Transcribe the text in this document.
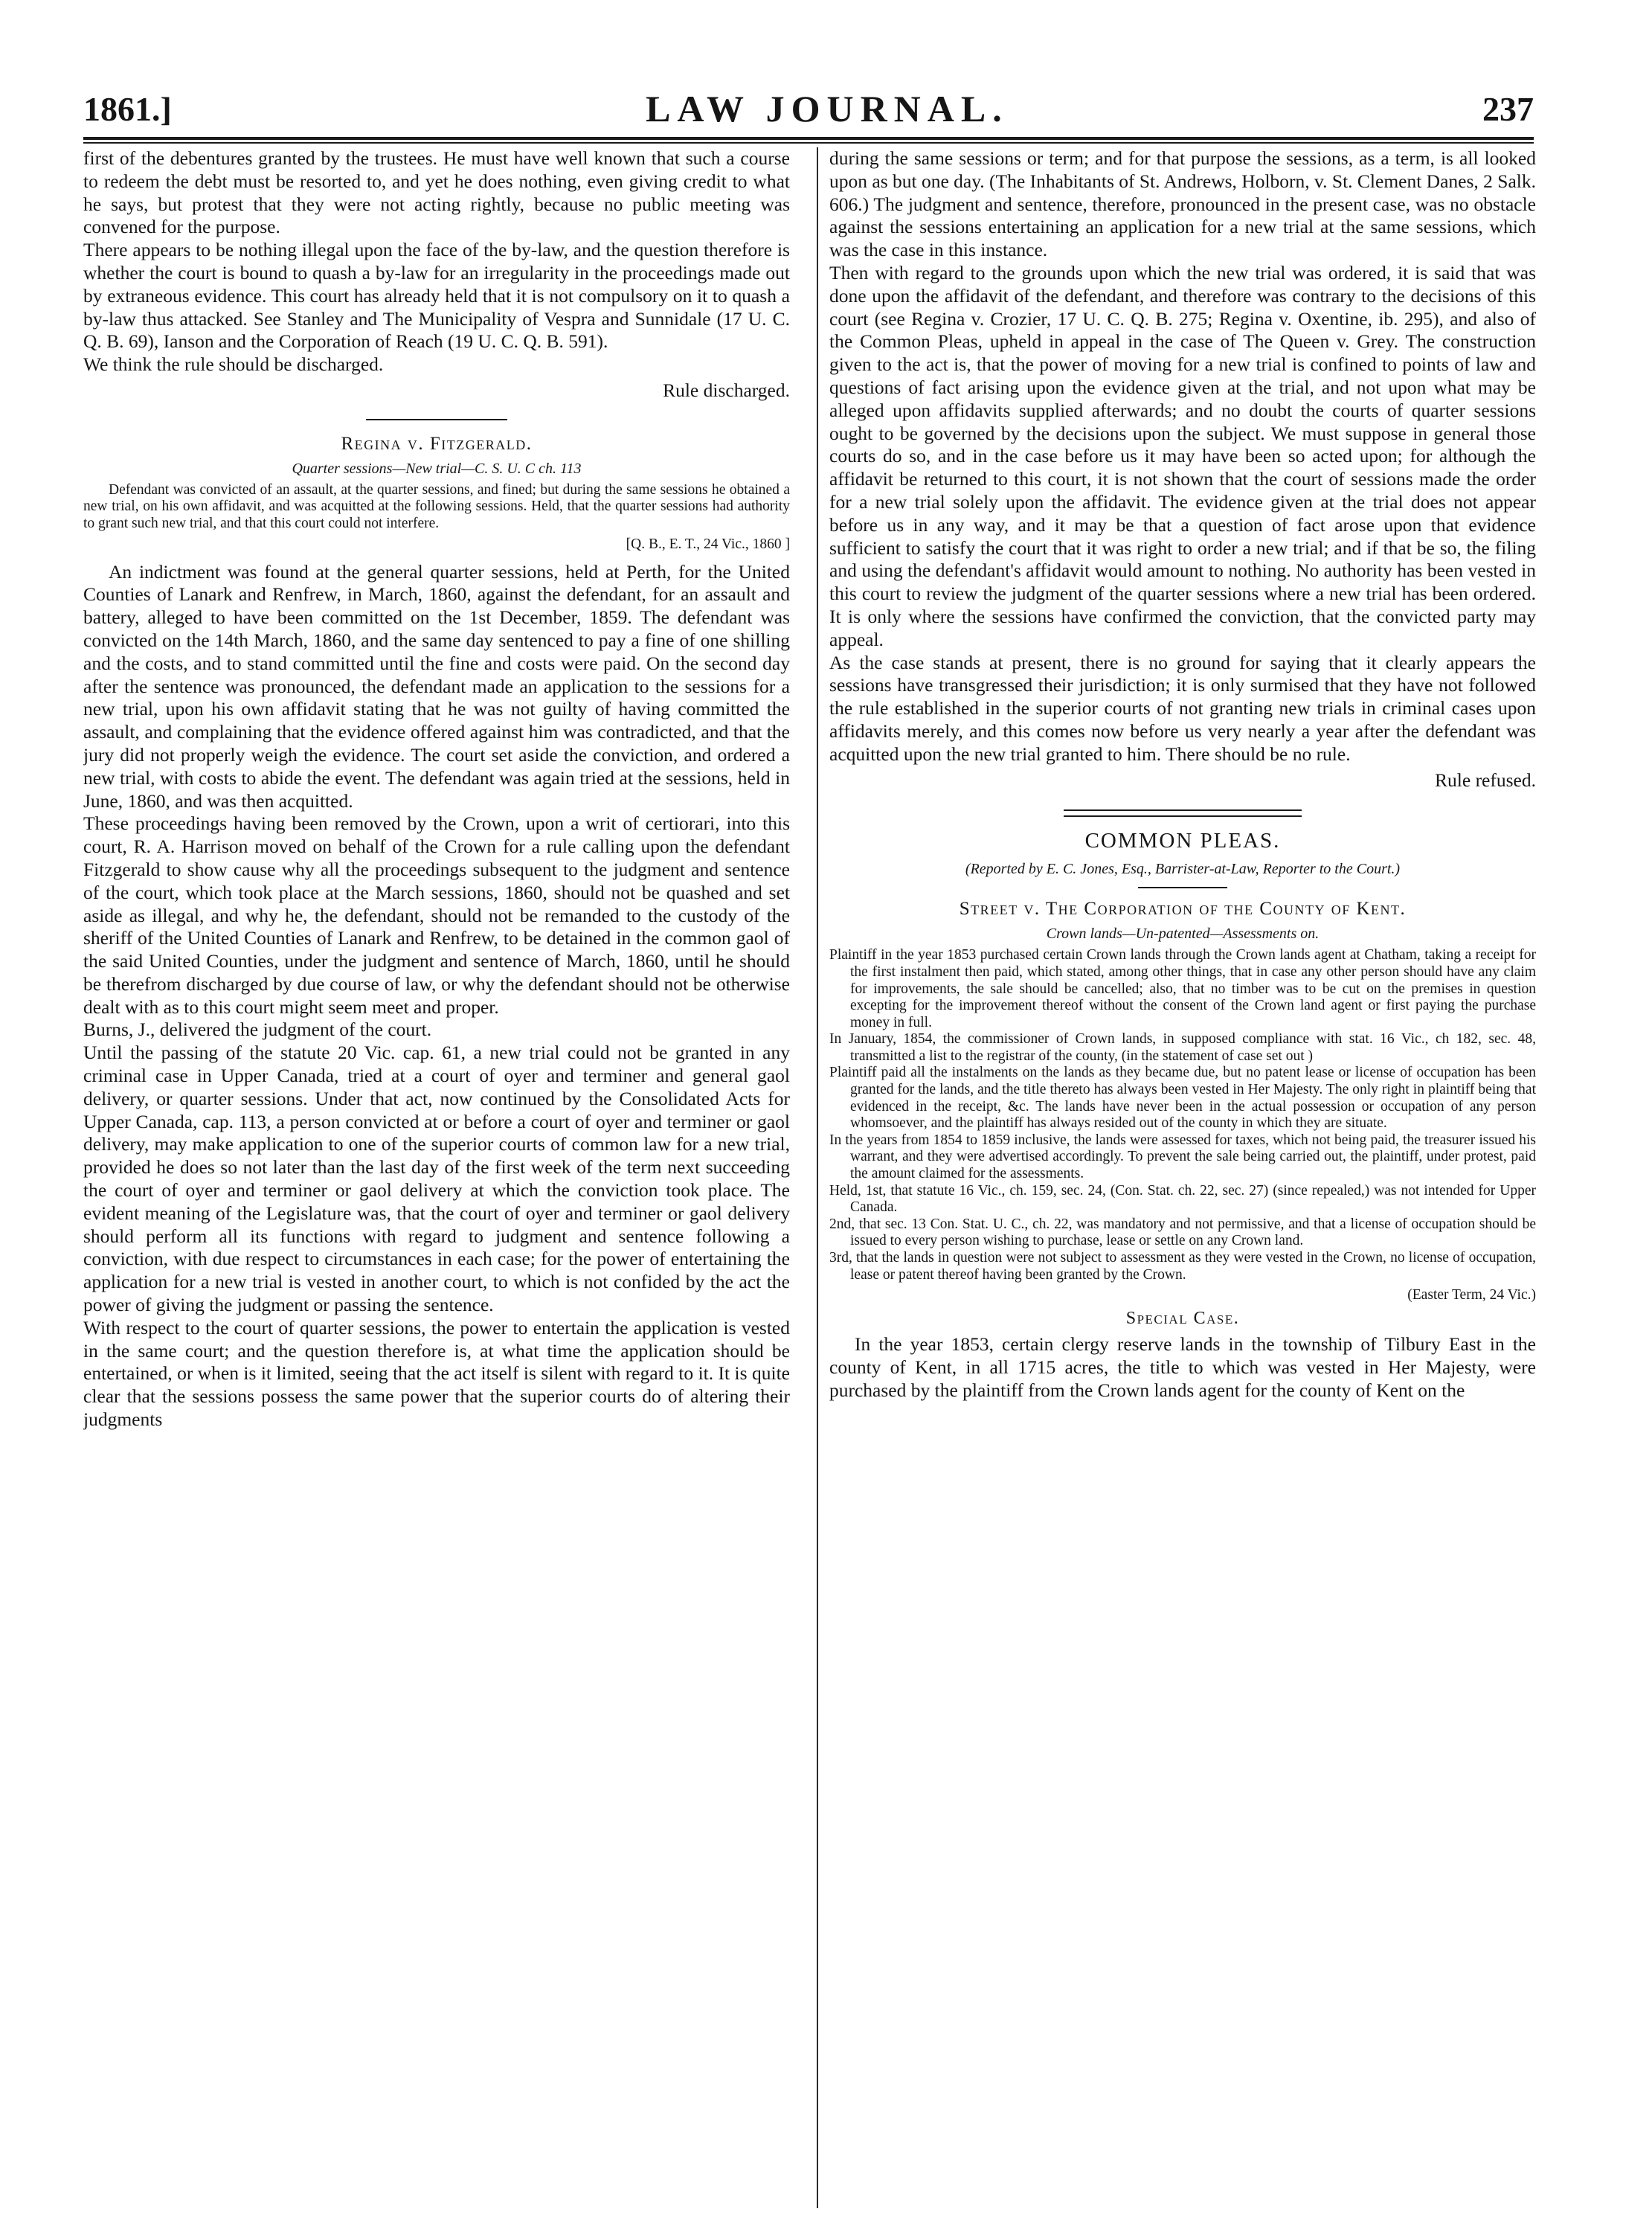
1861.]	LAW JOURNAL.	237

first of the debentures granted by the trustees. He must have well known that such a course to redeem the debt must be resorted to, and yet he does nothing, even giving credit to what he says, but protest that they were not acting rightly, because no public meeting was convened for the purpose.

There appears to be nothing illegal upon the face of the by-law, and the question therefore is whether the court is bound to quash a by-law for an irregularity in the proceedings made out by extraneous evidence. This court has already held that it is not compulsory on it to quash a by-law thus attacked. See Stanley and The Municipality of Vespra and Sunnidale (17 U. C. Q. B. 69), Ianson and the Corporation of Reach (19 U. C. Q. B. 591).

We think the rule should be discharged.

Rule discharged.

Regina v. Fitzgerald.
Quarter sessions—New trial—C. S. U. C ch. 113

Defendant was convicted of an assault, at the quarter sessions, and fined; but during the same sessions he obtained a new trial, on his own affidavit, and was acquitted at the following sessions. Held, that the quarter sessions had authority to grant such new trial, and that this court could not interfere.

[Q. B., E. T., 24 Vic., 1860 ]

An indictment was found at the general quarter sessions, held at Perth, for the United Counties of Lanark and Renfrew, in March, 1860, against the defendant, for an assault and battery, alleged to have been committed on the 1st December, 1859. The defendant was convicted on the 14th March, 1860, and the same day sentenced to pay a fine of one shilling and the costs, and to stand committed until the fine and costs were paid. On the second day after the sentence was pronounced, the defendant made an application to the sessions for a new trial, upon his own affidavit stating that he was not guilty of having committed the assault, and complaining that the evidence offered against him was contradicted, and that the jury did not properly weigh the evidence. The court set aside the conviction, and ordered a new trial, with costs to abide the event. The defendant was again tried at the sessions, held in June, 1860, and was then acquitted.

These proceedings having been removed by the Crown, upon a writ of certiorari, into this court, R. A. Harrison moved on behalf of the Crown for a rule calling upon the defendant Fitzgerald to show cause why all the proceedings subsequent to the judgment and sentence of the court, which took place at the March sessions, 1860, should not be quashed and set aside as illegal, and why he, the defendant, should not be remanded to the custody of the sheriff of the United Counties of Lanark and Renfrew, to be detained in the common gaol of the said United Counties, under the judgment and sentence of March, 1860, until he should be therefrom discharged by due course of law, or why the defendant should not be otherwise dealt with as to this court might seem meet and proper.

Burns, J., delivered the judgment of the court.

Until the passing of the statute 20 Vic. cap. 61, a new trial could not be granted in any criminal case in Upper Canada, tried at a court of oyer and terminer and general gaol delivery, or quarter sessions. Under that act, now continued by the Consolidated Acts for Upper Canada, cap. 113, a person convicted at or before a court of oyer and terminer or gaol delivery, may make application to one of the superior courts of common law for a new trial, provided he does so not later than the last day of the first week of the term next succeeding the court of oyer and terminer or gaol delivery at which the conviction took place. The evident meaning of the Legislature was, that the court of oyer and terminer or gaol delivery should perform all its functions with regard to judgment and sentence following a conviction, with due respect to circumstances in each case; for the power of entertaining the application for a new trial is vested in another court, to which is not confided by the act the power of giving the judgment or passing the sentence.

With respect to the court of quarter sessions, the power to entertain the application is vested in the same court; and the question therefore is, at what time the application should be entertained, or when is it limited, seeing that the act itself is silent with regard to it. It is quite clear that the sessions possess the same power that the superior courts do of altering their judgments

during the same sessions or term; and for that purpose the sessions, as a term, is all looked upon as but one day. (The Inhabitants of St. Andrews, Holborn, v. St. Clement Danes, 2 Salk. 606.) The judgment and sentence, therefore, pronounced in the present case, was no obstacle against the sessions entertaining an application for a new trial at the same sessions, which was the case in this instance.

Then with regard to the grounds upon which the new trial was ordered, it is said that was done upon the affidavit of the defendant, and therefore was contrary to the decisions of this court (see Regina v. Crozier, 17 U. C. Q. B. 275; Regina v. Oxentine, ib. 295), and also of the Common Pleas, upheld in appeal in the case of The Queen v. Grey. The construction given to the act is, that the power of moving for a new trial is confined to points of law and questions of fact arising upon the evidence given at the trial, and not upon what may be alleged upon affidavits supplied afterwards; and no doubt the courts of quarter sessions ought to be governed by the decisions upon the subject. We must suppose in general those courts do so, and in the case before us it may have been so acted upon; for although the affidavit be returned to this court, it is not shown that the court of sessions made the order for a new trial solely upon the affidavit. The evidence given at the trial does not appear before us in any way, and it may be that a question of fact arose upon that evidence sufficient to satisfy the court that it was right to order a new trial; and if that be so, the filing and using the defendant's affidavit would amount to nothing. No authority has been vested in this court to review the judgment of the quarter sessions where a new trial has been ordered. It is only where the sessions have confirmed the conviction, that the convicted party may appeal.

As the case stands at present, there is no ground for saying that it clearly appears the sessions have transgressed their jurisdiction; it is only surmised that they have not followed the rule established in the superior courts of not granting new trials in criminal cases upon affidavits merely, and this comes now before us very nearly a year after the defendant was acquitted upon the new trial granted to him. There should be no rule.

Rule refused.

COMMON PLEAS.
(Reported by E. C. Jones, Esq., Barrister-at-Law, Reporter to the Court.)
Street v. The Corporation of the County of Kent.
Crown lands—Un-patented—Assessments on.

Plaintiff in the year 1853 purchased certain Crown lands through the Crown lands agent at Chatham, taking a receipt for the first instalment then paid, which stated, among other things, that in case any other person should have any claim for improvements, the sale should be cancelled; also, that no timber was to be cut on the premises in question excepting for the improvement thereof without the consent of the Crown land agent or first paying the purchase money in full.

In January, 1854, the commissioner of Crown lands, in supposed compliance with stat. 16 Vic., ch 182, sec. 48, transmitted a list to the registrar of the county, (in the statement of case set out )

Plaintiff paid all the instalments on the lands as they became due, but no patent lease or license of occupation has been granted for the lands, and the title thereto has always been vested in Her Majesty. The only right in plaintiff being that evidenced in the receipt, &c. The lands have never been in the actual possession or occupation of any person whomsoever, and the plaintiff has always resided out of the county in which they are situate.

In the years from 1854 to 1859 inclusive, the lands were assessed for taxes, which not being paid, the treasurer issued his warrant, and they were advertised accordingly. To prevent the sale being carried out, the plaintiff, under protest, paid the amount claimed for the assessments.

Held, 1st, that statute 16 Vic., ch. 159, sec. 24, (Con. Stat. ch. 22, sec. 27) (since repealed,) was not intended for Upper Canada.

2nd, that sec. 13 Con. Stat. U. C., ch. 22, was mandatory and not permissive, and that a license of occupation should be issued to every person wishing to purchase, lease or settle on any Crown land.

3rd, that the lands in question were not subject to assessment as they were vested in the Crown, no license of occupation, lease or patent thereof having been granted by the Crown.

(Easter Term, 24 Vic.)

Special Case.

In the year 1853, certain clergy reserve lands in the township of Tilbury East in the county of Kent, in all 1715 acres, the title to which was vested in Her Majesty, were purchased by the plaintiff from the Crown lands agent for the county of Kent on the
